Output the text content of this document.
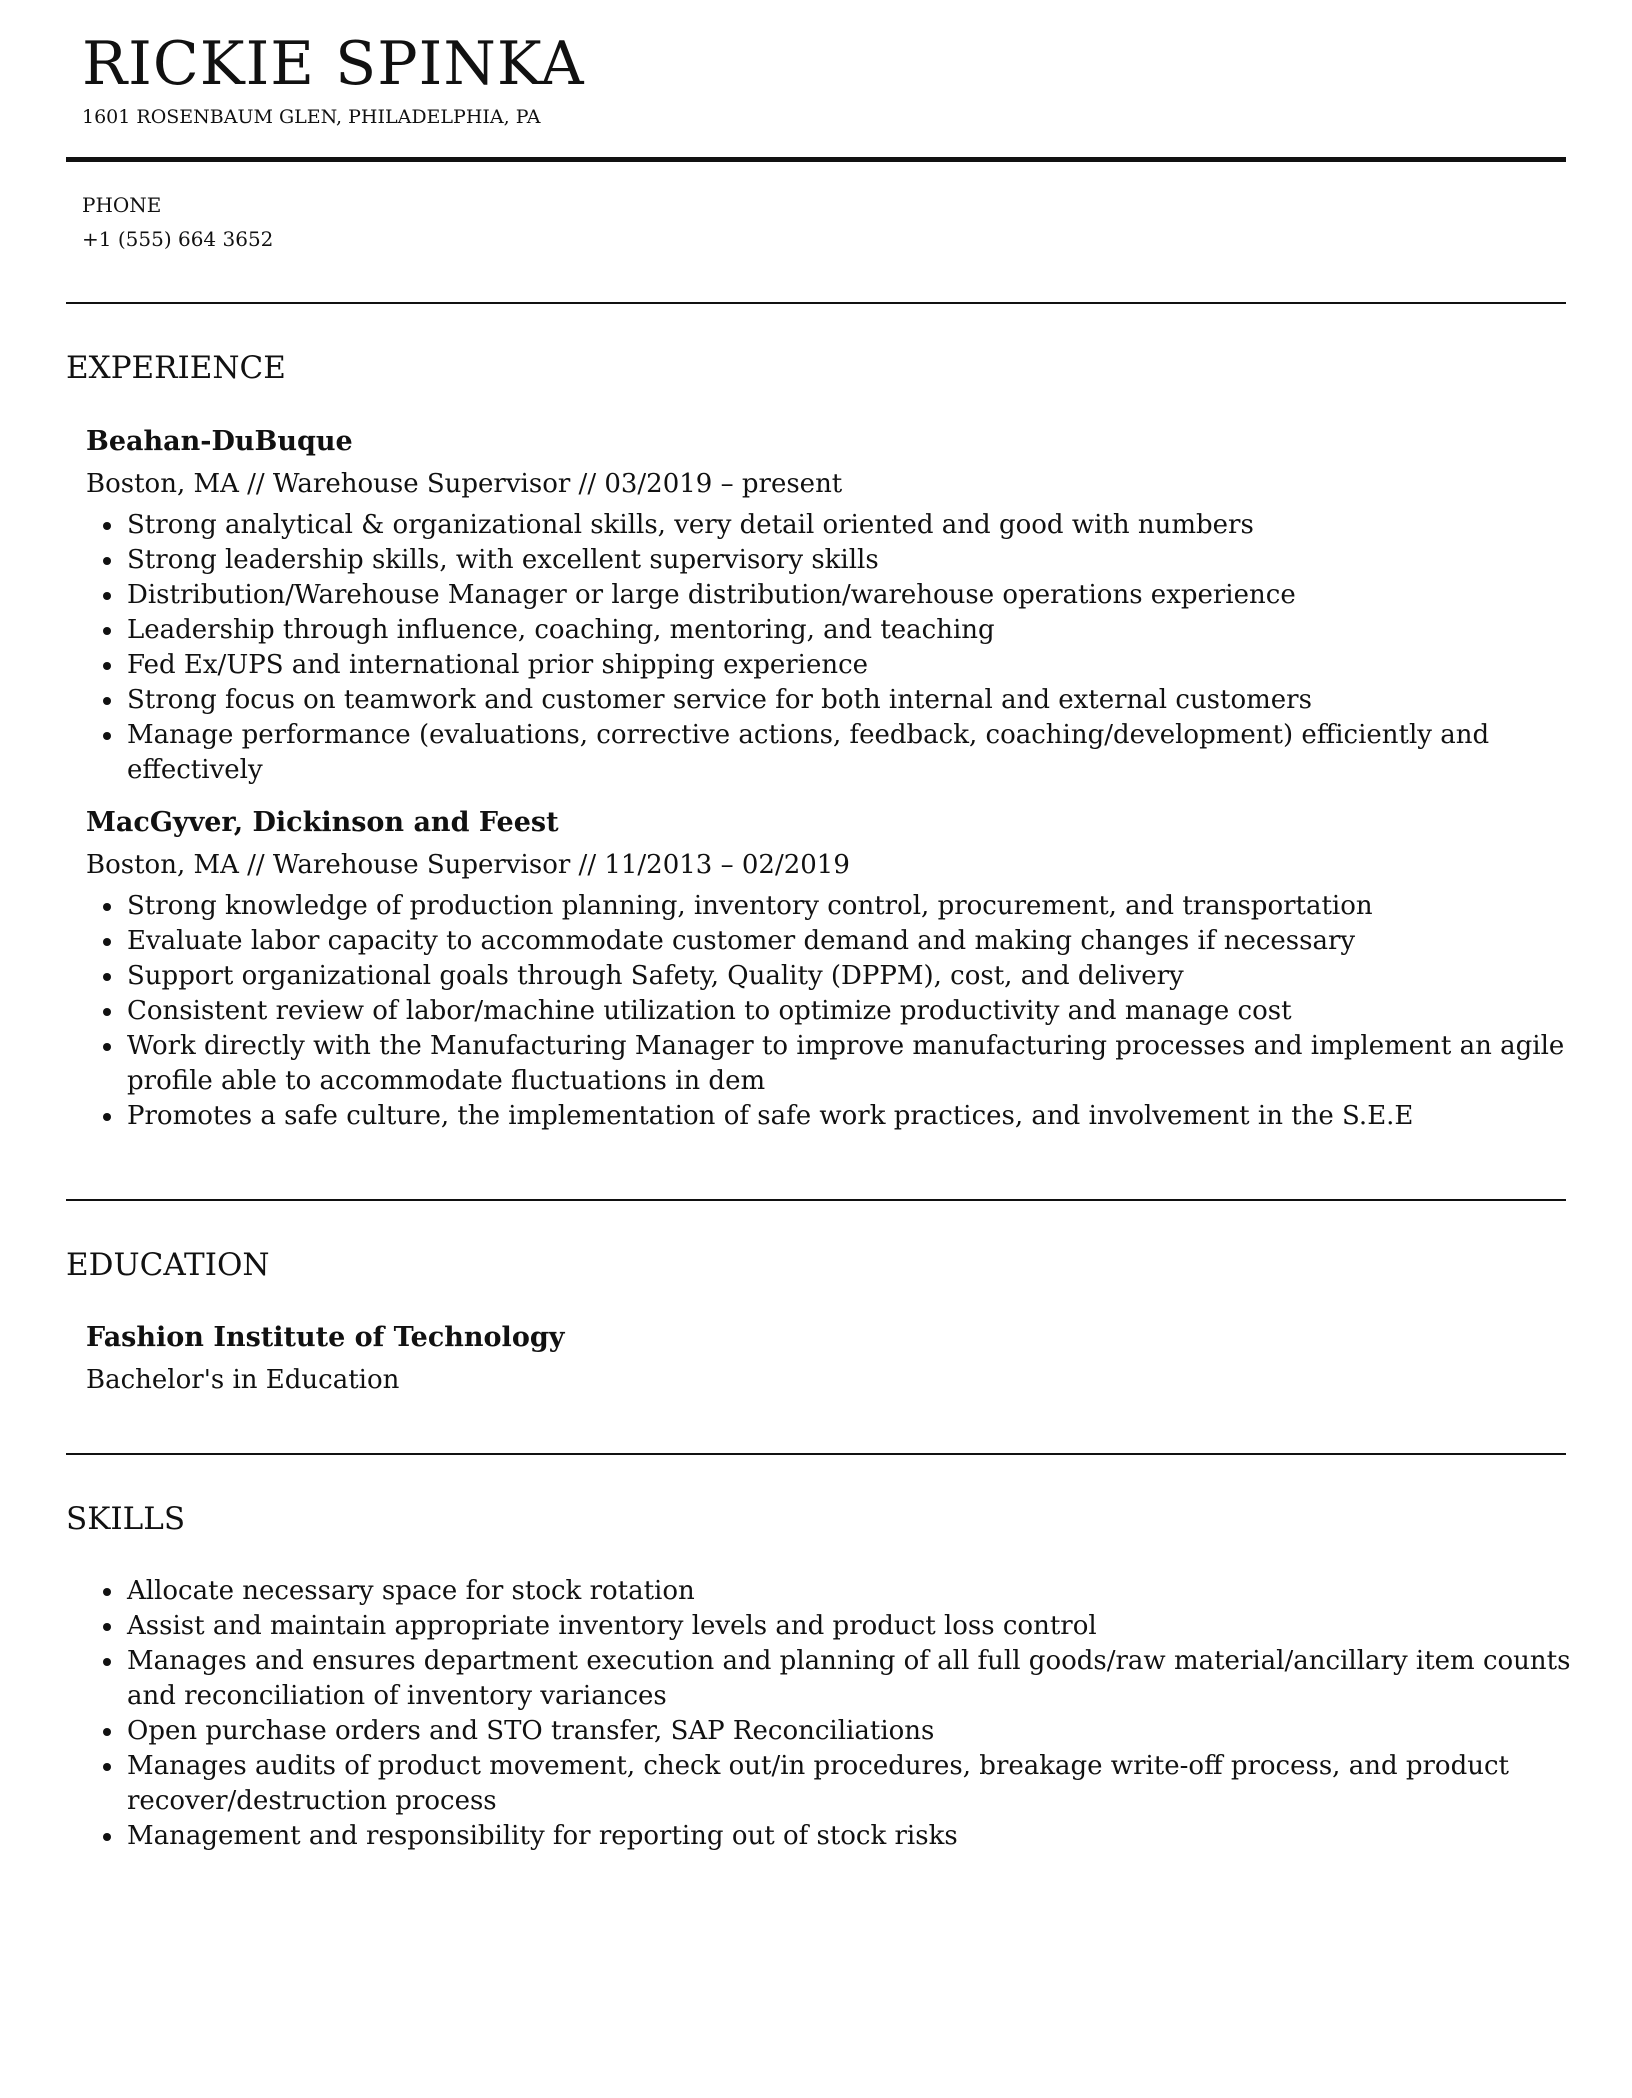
RICKIE SPINKA
1601 ROSENBAUM GLEN, PHILADELPHIA, PA
PHONE
+1 (555) 664 3652
EXPERIENCE
Beahan-DuBuque
Boston, MA // Warehouse Supervisor // 03/2019 – present
Strong analytical & organizational skills, very detail oriented and good with numbers
Strong leadership skills, with excellent supervisory skills
Distribution/Warehouse Manager or large distribution/warehouse operations experience
Leadership through influence, coaching, mentoring, and teaching
Fed Ex/UPS and international prior shipping experience
Strong focus on teamwork and customer service for both internal and external customers
Manage performance (evaluations, corrective actions, feedback, coaching/development) efficiently and effectively
MacGyver, Dickinson and Feest
Boston, MA // Warehouse Supervisor // 11/2013 – 02/2019
Strong knowledge of production planning, inventory control, procurement, and transportation
Evaluate labor capacity to accommodate customer demand and making changes if necessary
Support organizational goals through Safety, Quality (DPPM), cost, and delivery
Consistent review of labor/machine utilization to optimize productivity and manage cost
Work directly with the Manufacturing Manager to improve manufacturing processes and implement an agile profile able to accommodate fluctuations in dem
Promotes a safe culture, the implementation of safe work practices, and involvement in the S.E.E
EDUCATION
Fashion Institute of Technology
Bachelor's in Education
SKILLS
Allocate necessary space for stock rotation
Assist and maintain appropriate inventory levels and product loss control
Manages and ensures department execution and planning of all full goods/raw material/ancillary item counts and reconciliation of inventory variances
Open purchase orders and STO transfer, SAP Reconciliations
Manages audits of product movement, check out/in procedures, breakage write-off process, and product recover/destruction process
Management and responsibility for reporting out of stock risks
